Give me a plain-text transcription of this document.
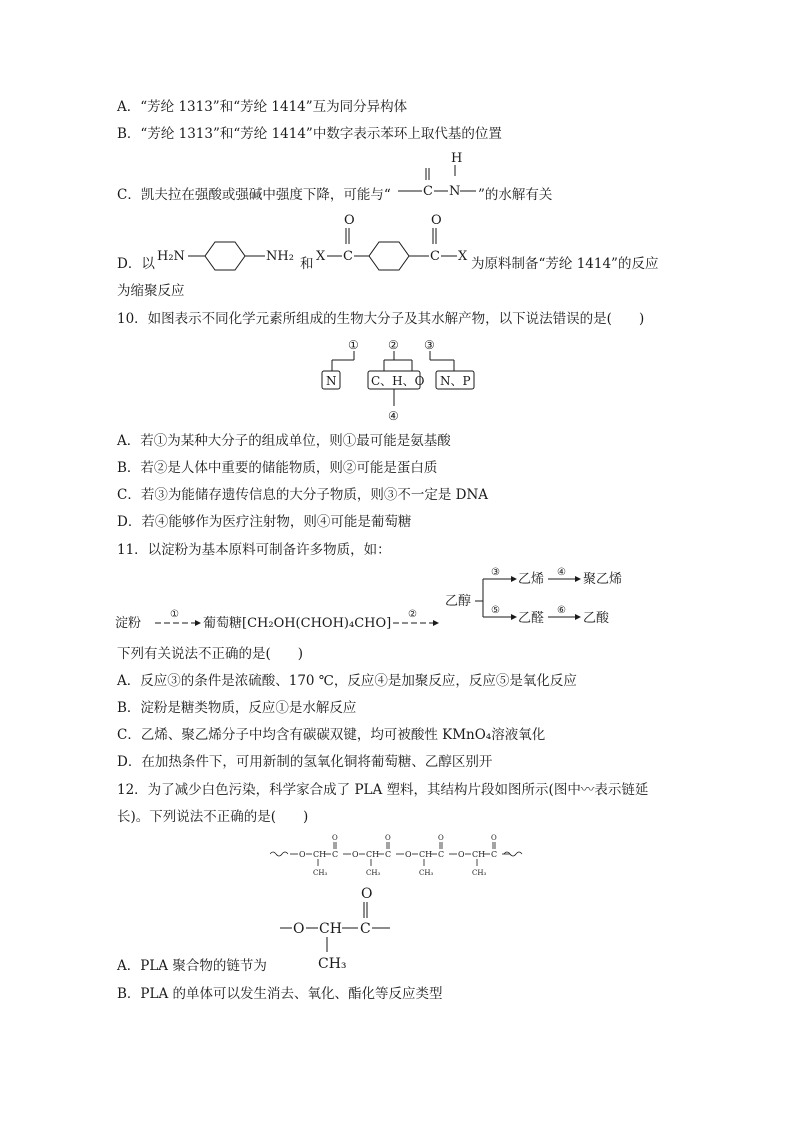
A．“芳纶 1313”和“芳纶 1414”互为同分异构体
B．“芳纶 1313”和“芳纶 1414”中数字表示苯环上取代基的位置
C．凯夫拉在强酸或强碱中强度下降，可能与“
H
C N ”的水解有关
D．以 H₂N	NH₂ X C
O
C
O
X
和	为原料制备“芳纶 1414”的反应
为缩聚反应
10．如图表示不同化学元素所组成的生物大分子及其水解产物，以下说法错误的是(　　)
① ② ③
N	C、H、O N、P
④
A．若①为某种大分子的组成单位，则①最可能是氨基酸
B．若②是人体中重要的储能物质，则②可能是蛋白质
C．若③为能储存遗传信息的大分子物质，则③不一定是 DNA
D．若④能够作为医疗注射物，则④可能是葡萄糖
11．以淀粉为基本原料可制备许多物质，如：
淀粉
①
葡萄糖[CH₂OH(CHOH)₄CHO]
②
乙醇
③
⑤
乙烯 ④ 聚乙烯
乙醛
⑥
乙酸
下列有关说法不正确的是(　　)
A．反应③的条件是浓硫酸、170 ℃，反应④是加聚反应，反应⑤是氧化反应
B．淀粉是糖类物质，反应①是水解反应
C．乙烯、聚乙烯分子中均含有碳碳双键，均可被酸性 KMnO₄溶液氧化
D．在加热条件下，可用新制的氢氧化铜将葡萄糖、乙醇区别开
12．为了减少白色污染，科学家合成了 PLA 塑料，其结构片段如图所示(图中〰表示链延
长)。下列说法不正确的是(　　)
O CH
CH₃
C
O
O CH
CH₃
C
O
O CH
CH₃
C
O
O CH
CH₃
C
O
O CH
CH₃
C
O
A．PLA 聚合物的链节为
B．PLA 的单体可以发生消去、氧化、酯化等反应类型
